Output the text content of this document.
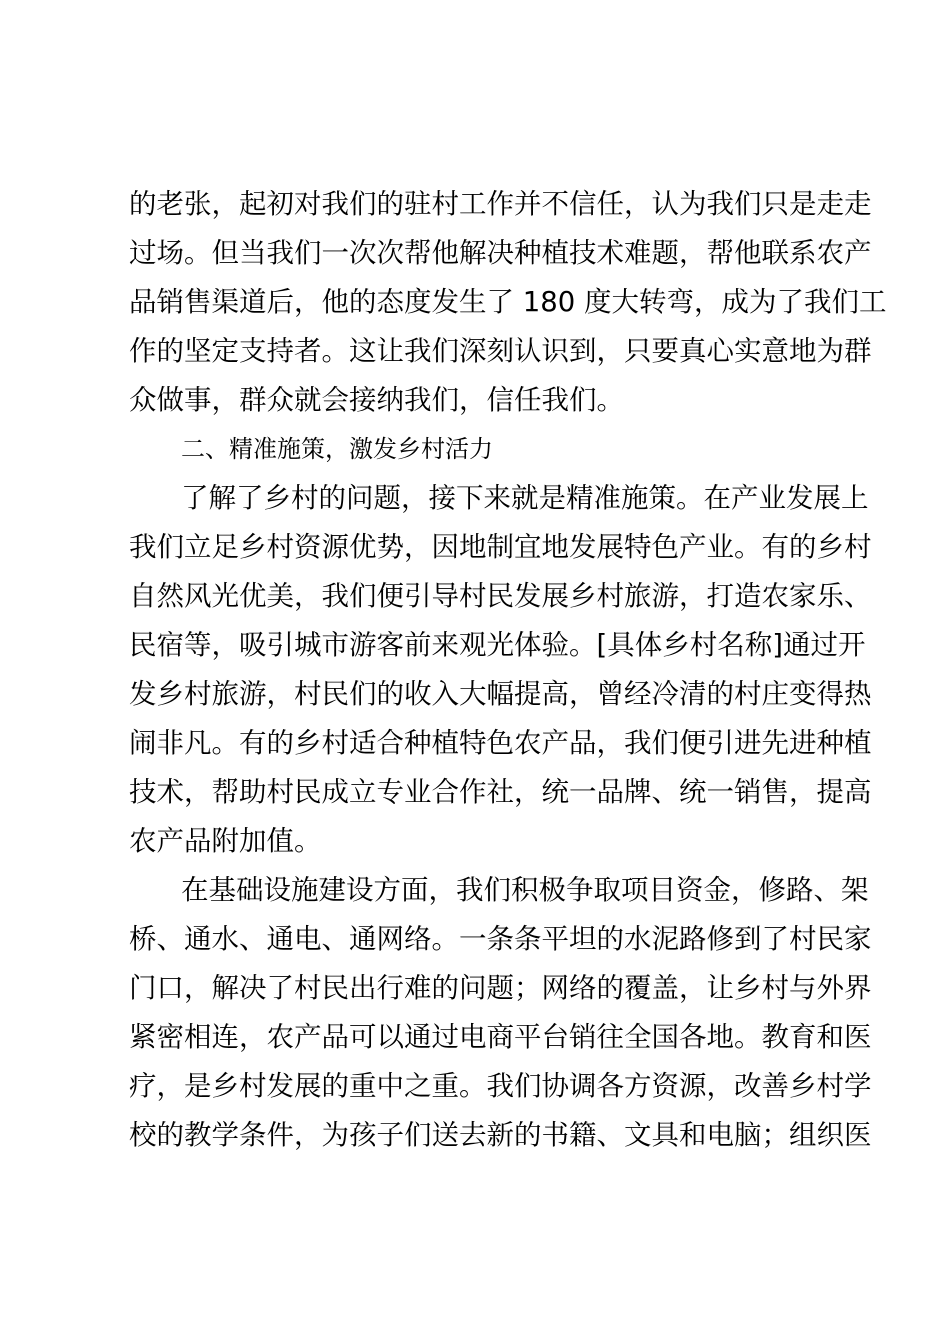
的老张，起初对我们的驻村工作并不信任，认为我们只是走走
过场。但当我们一次次帮他解决种植技术难题，帮他联系农产
品销售渠道后，他的态度发生了 180 度大转弯，成为了我们工
作的坚定支持者。这让我们深刻认识到，只要真心实意地为群
众做事，群众就会接纳我们，信任我们。
二、精准施策，激发乡村活力
了解了乡村的问题，接下来就是精准施策。在产业发展上
我们立足乡村资源优势，因地制宜地发展特色产业。有的乡村
自然风光优美，我们便引导村民发展乡村旅游，打造农家乐、
民宿等，吸引城市游客前来观光体验。[具体乡村名称]通过开
发乡村旅游，村民们的收入大幅提高，曾经冷清的村庄变得热
闹非凡。有的乡村适合种植特色农产品，我们便引进先进种植
技术，帮助村民成立专业合作社，统一品牌、统一销售，提高
农产品附加值。
在基础设施建设方面，我们积极争取项目资金，修路、架
桥、通水、通电、通网络。一条条平坦的水泥路修到了村民家
门口，解决了村民出行难的问题；网络的覆盖，让乡村与外界
紧密相连，农产品可以通过电商平台销往全国各地。教育和医
疗，是乡村发展的重中之重。我们协调各方资源，改善乡村学
校的教学条件，为孩子们送去新的书籍、文具和电脑；组织医
